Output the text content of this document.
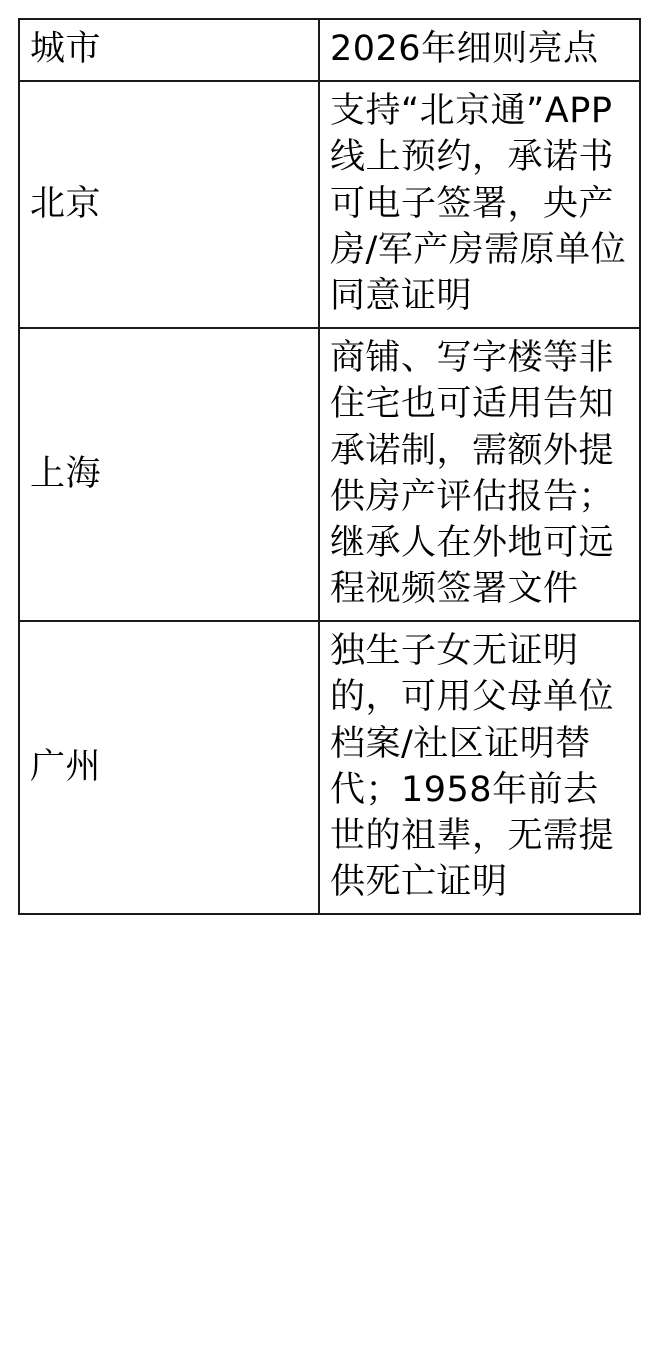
城市	2026年细则亮点
北京	支持“北京通”APP线上预约，承诺书可电子签署，央产房/军产房需原单位同意证明
上海	商铺、写字楼等非住宅也可适用告知承诺制，需额外提供房产评估报告；继承人在外地可远程视频签署文件
广州	独生子女无证明的，可用父母单位档案/社区证明替代；1958年前去世的祖辈，无需提供死亡证明
